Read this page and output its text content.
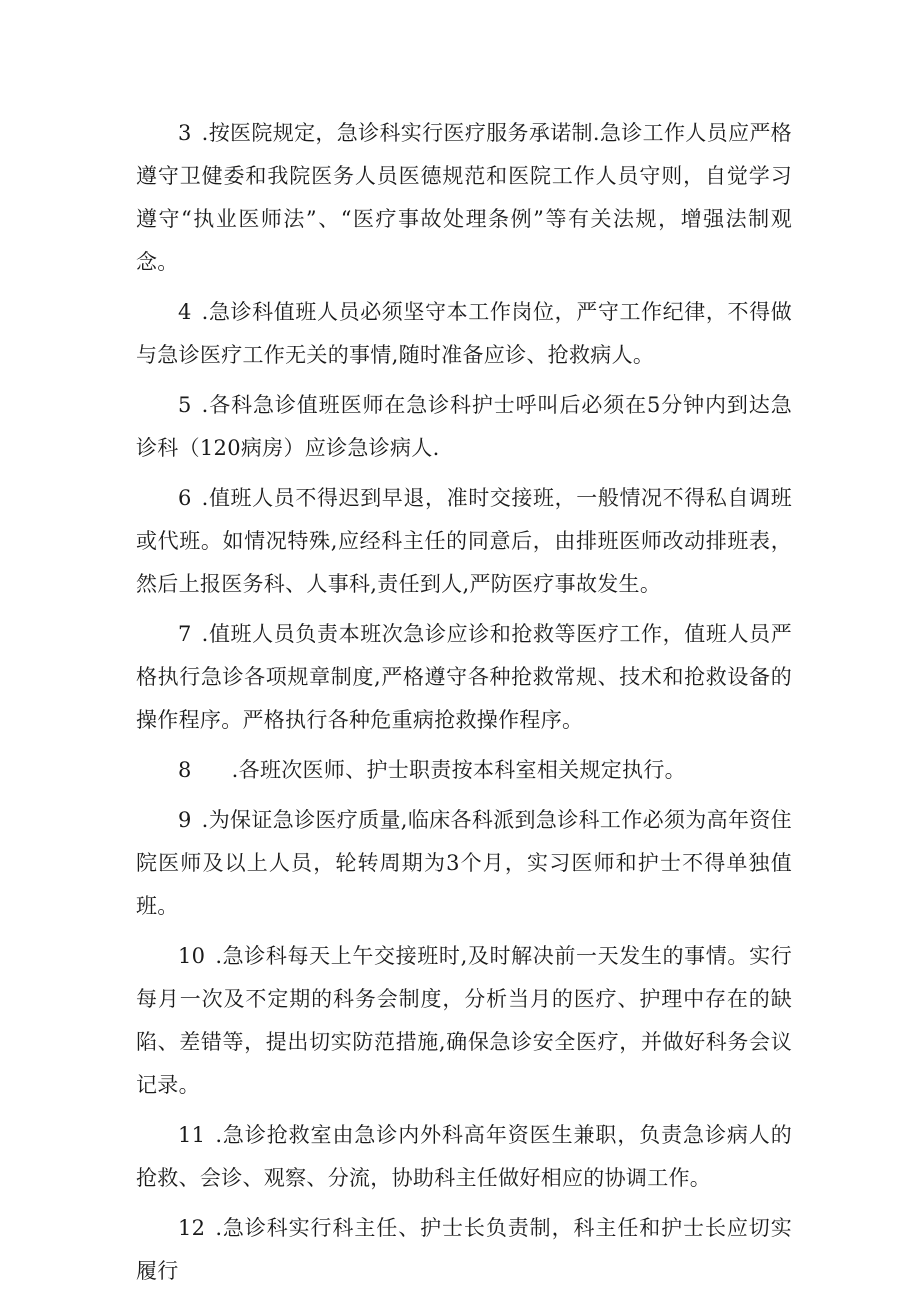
3 .按医院规定，急诊科实行医疗服务承诺制.急诊工作人员应严格遵守卫健委和我院医务人员医德规范和医院工作人员守则，自觉学习遵守“执业医师法”、“医疗事故处理条例”等有关法规，增强法制观念。

4 .急诊科值班人员必须坚守本工作岗位，严守工作纪律，不得做与急诊医疗工作无关的事情,随时准备应诊、抢救病人。

5 .各科急诊值班医师在急诊科护士呼叫后必须在5分钟内到达急诊科（120病房）应诊急诊病人.

6 .值班人员不得迟到早退，准时交接班，一般情况不得私自调班或代班。如情况特殊,应经科主任的同意后，由排班医师改动排班表，然后上报医务科、人事科,责任到人,严防医疗事故发生。

7 .值班人员负责本班次急诊应诊和抢救等医疗工作，值班人员严格执行急诊各项规章制度,严格遵守各种抢救常规、技术和抢救设备的操作程序。严格执行各种危重病抢救操作程序。

8 .各班次医师、护士职责按本科室相关规定执行。

9 .为保证急诊医疗质量,临床各科派到急诊科工作必须为高年资住院医师及以上人员，轮转周期为3个月，实习医师和护士不得单独值班。

10 .急诊科每天上午交接班时,及时解决前一天发生的事情。实行每月一次及不定期的科务会制度，分析当月的医疗、护理中存在的缺陷、差错等，提出切实防范措施,确保急诊安全医疗，并做好科务会议记录。

11 .急诊抢救室由急诊内外科高年资医生兼职，负责急诊病人的抢救、会诊、观察、分流，协助科主任做好相应的协调工作。

12 .急诊科实行科主任、护士长负责制，科主任和护士长应切实履行
